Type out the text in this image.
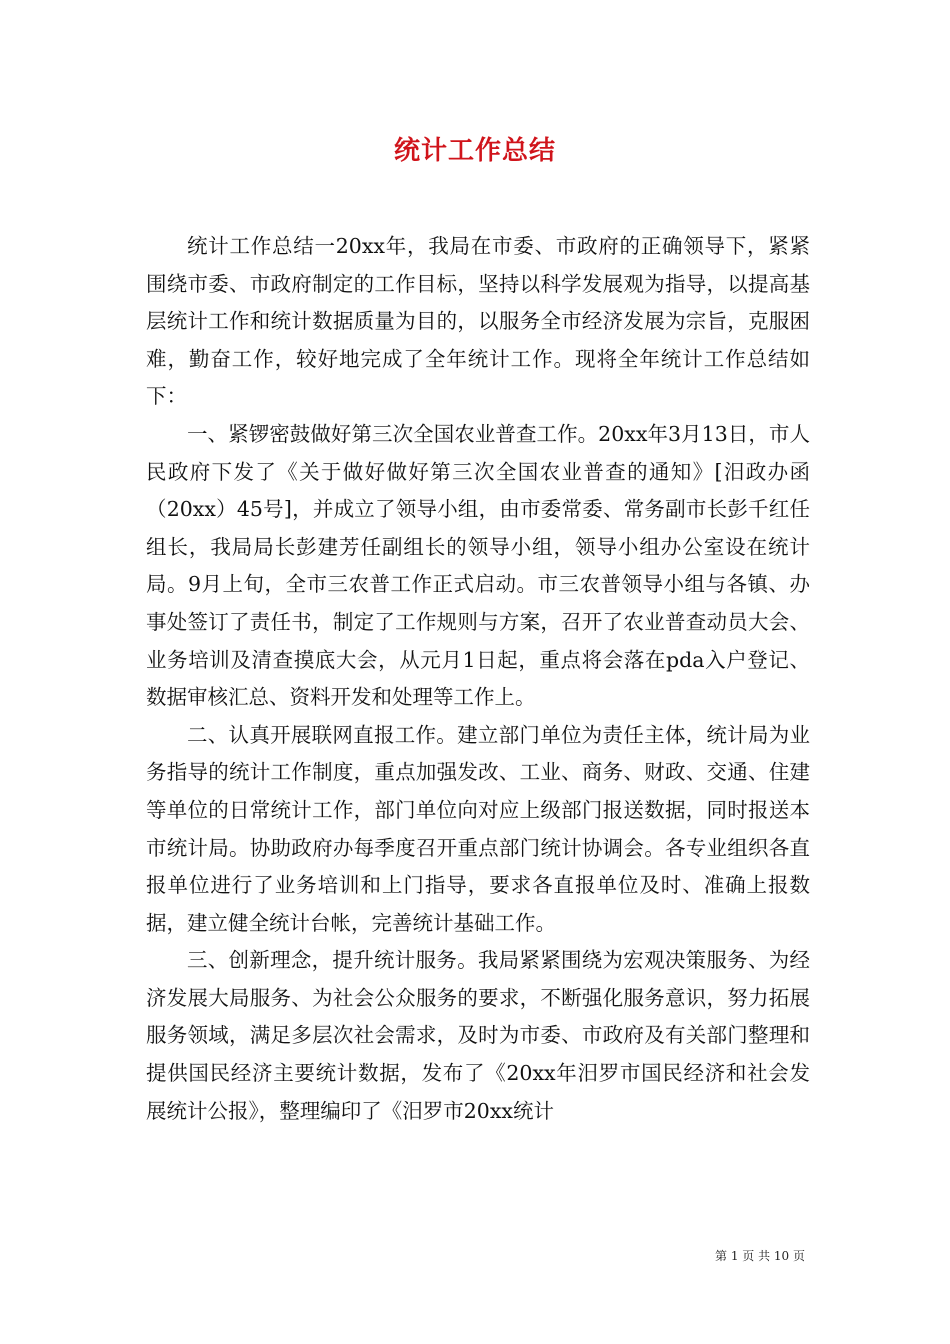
统计工作总结

统计工作总结一20xx年，我局在市委、市政府的正确领导下，紧紧围绕市委、市政府制定的工作目标，坚持以科学发展观为指导，以提高基层统计工作和统计数据质量为目的，以服务全市经济发展为宗旨，克服困难，勤奋工作，较好地完成了全年统计工作。现将全年统计工作总结如下：

一、紧锣密鼓做好第三次全国农业普查工作。20xx年3月13日，市人民政府下发了《关于做好做好第三次全国农业普查的通知》[汨政办函（20xx）45号]，并成立了领导小组，由市委常委、常务副市长彭千红任组长，我局局长彭建芳任副组长的领导小组，领导小组办公室设在统计局。9月上旬，全市三农普工作正式启动。市三农普领导小组与各镇、办事处签订了责任书，制定了工作规则与方案，召开了农业普查动员大会、业务培训及清查摸底大会，从元月1日起，重点将会落在pda入户登记、数据审核汇总、资料开发和处理等工作上。

二、认真开展联网直报工作。建立部门单位为责任主体，统计局为业务指导的统计工作制度，重点加强发改、工业、商务、财政、交通、住建等单位的日常统计工作，部门单位向对应上级部门报送数据，同时报送本市统计局。协助政府办每季度召开重点部门统计协调会。各专业组织各直报单位进行了业务培训和上门指导，要求各直报单位及时、准确上报数据，建立健全统计台帐，完善统计基础工作。

三、创新理念，提升统计服务。我局紧紧围绕为宏观决策服务、为经济发展大局服务、为社会公众服务的要求，不断强化服务意识，努力拓展服务领域，满足多层次社会需求，及时为市委、市政府及有关部门整理和提供国民经济主要统计数据，发布了《20xx年汨罗市国民经济和社会发展统计公报》，整理编印了《汨罗市20xx统计

第 1 页 共 10 页
